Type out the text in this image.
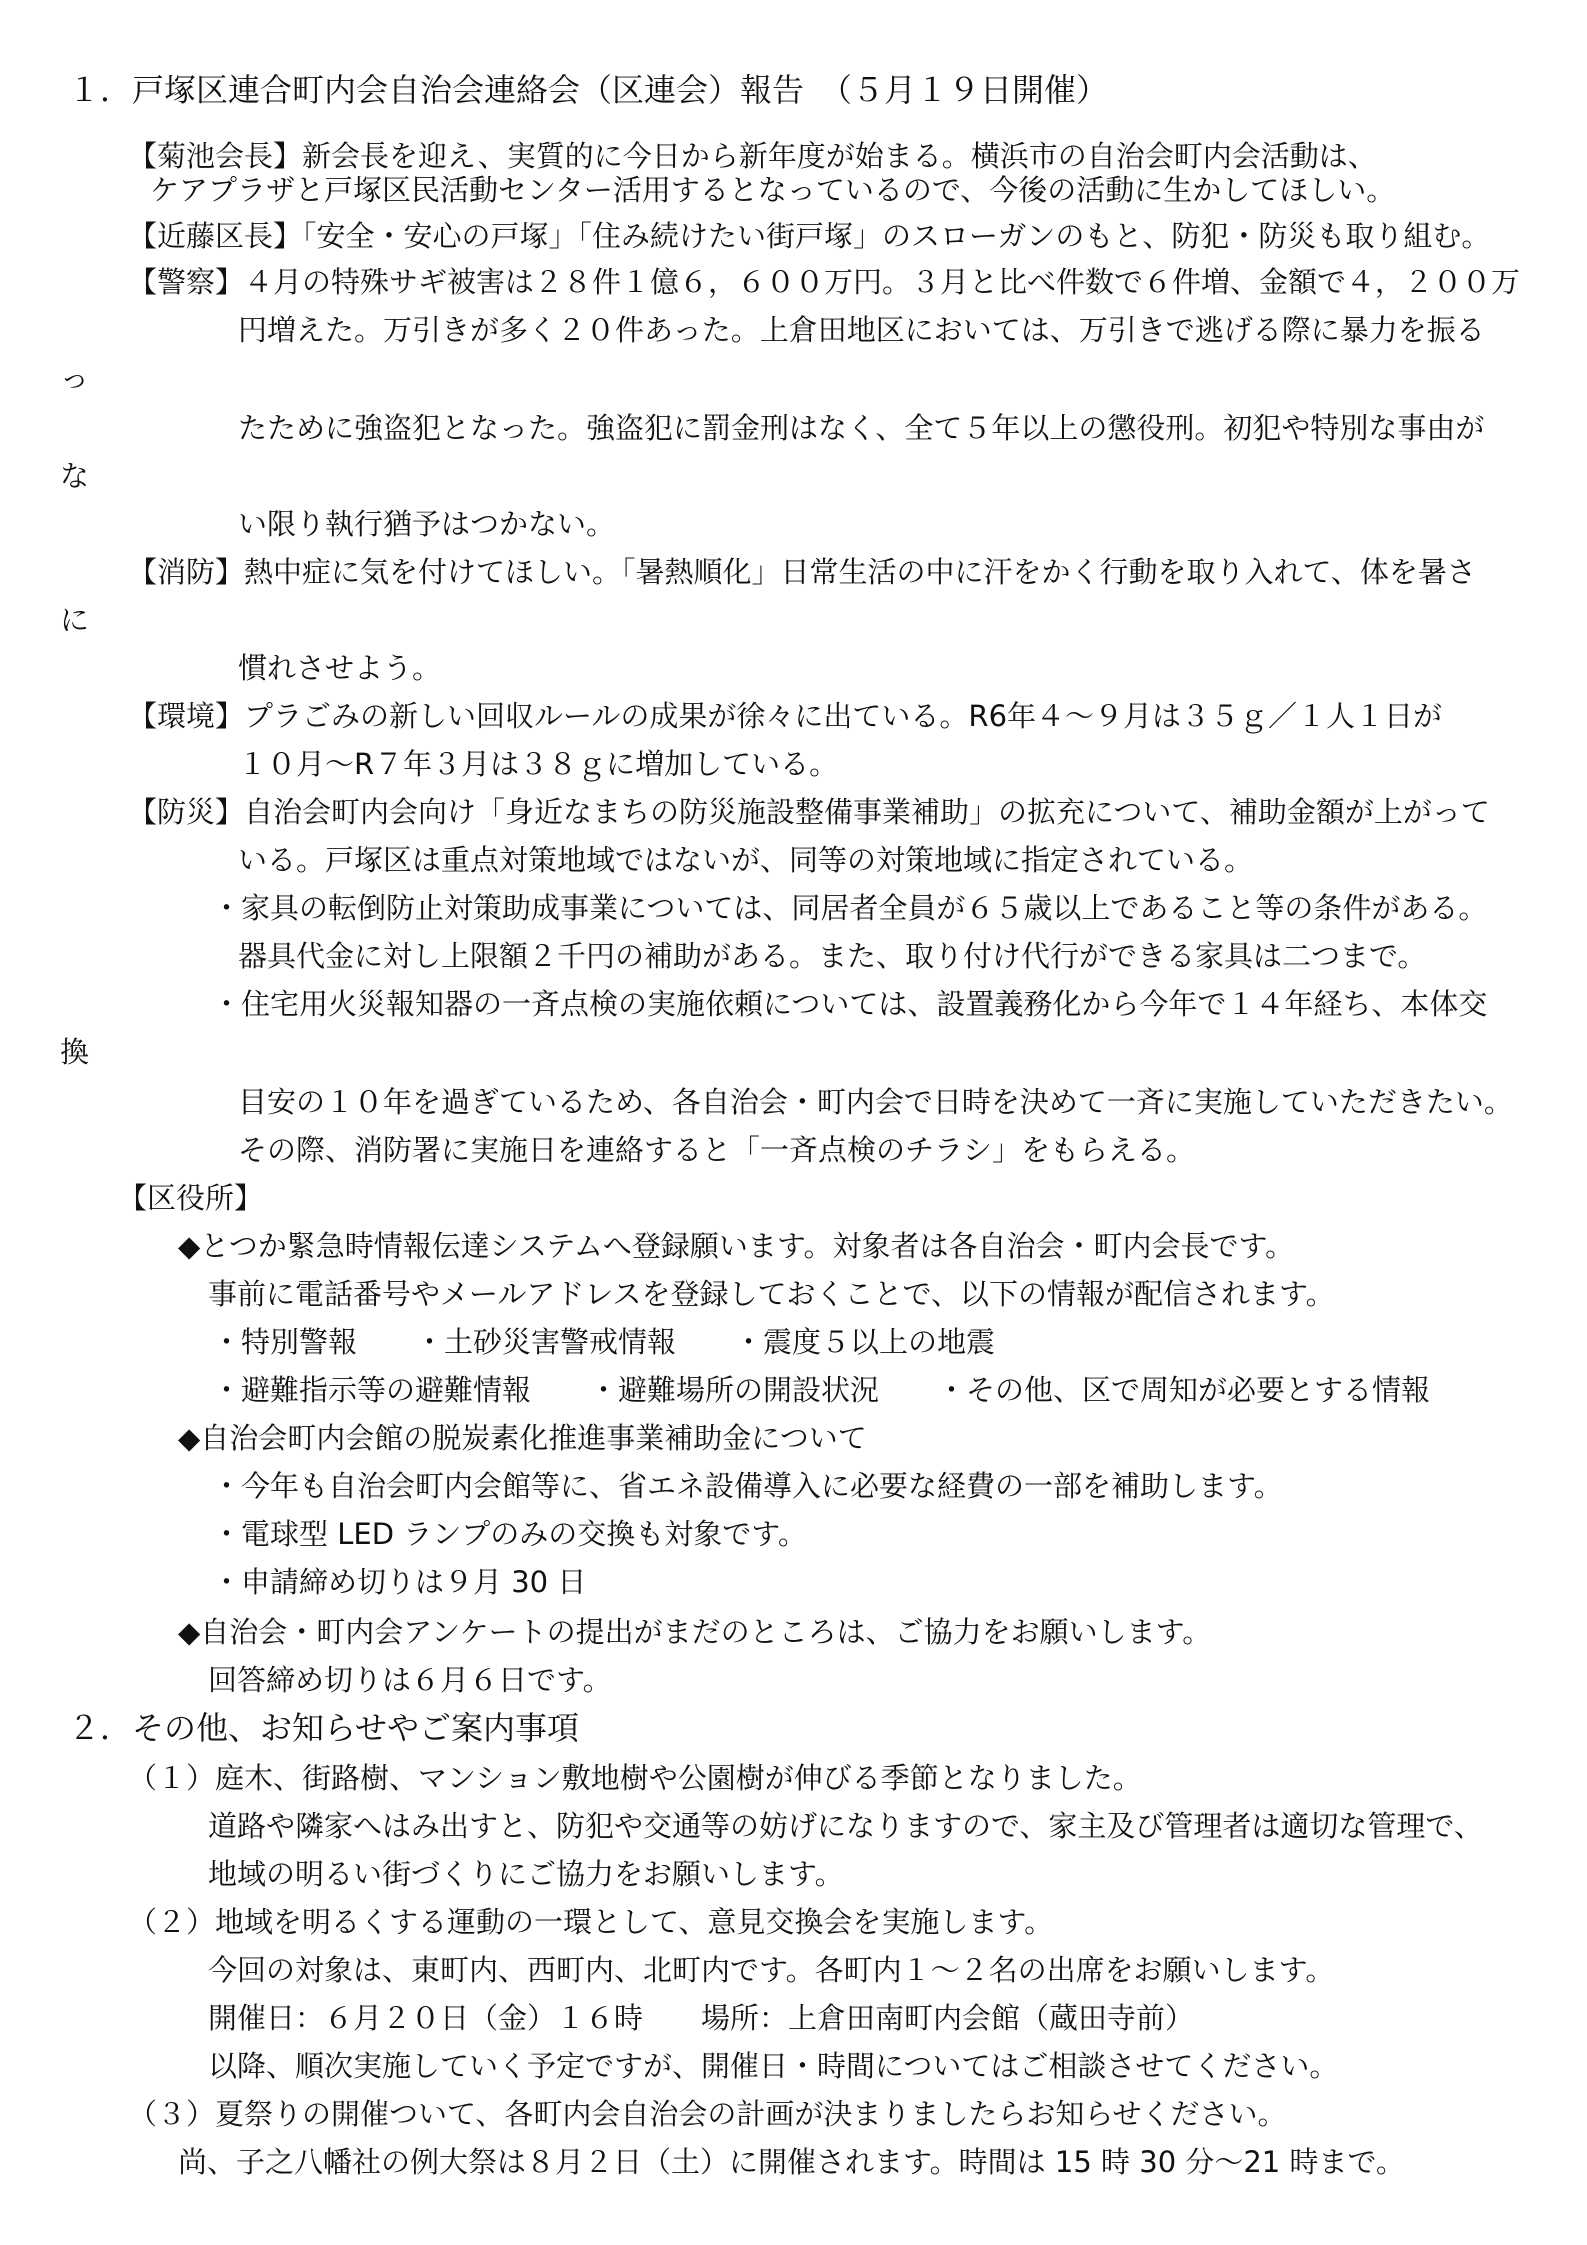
１．戸塚区連合町内会自治会連絡会（区連会）報告　（５月１９日開催）
【菊池会長】新会長を迎え、実質的に今日から新年度が始まる。横浜市の自治会町内会活動は、
ケアプラザと戸塚区民活動センター活用するとなっているので、今後の活動に生かしてほしい。
【近藤区長】「安全・安心の戸塚」「住み続けたい街戸塚」のスローガンのもと、防犯・防災も取り組む。
【警察】４月の特殊サギ被害は２８件１億６，６００万円。３月と比べ件数で６件増、金額で４，２００万
円増えた。万引きが多く２０件あった。上倉田地区においては、万引きで逃げる際に暴力を振る
っ
たために強盗犯となった。強盗犯に罰金刑はなく、全て５年以上の懲役刑。初犯や特別な事由が
な
い限り執行猶予はつかない。
【消防】熱中症に気を付けてほしい。「暑熱順化」日常生活の中に汗をかく行動を取り入れて、体を暑さ
に
慣れさせよう。
【環境】プラごみの新しい回収ルールの成果が徐々に出ている。R6年４～９月は３５ｇ／１人１日が
１０月～R７年３月は３８ｇに増加している。
【防災】自治会町内会向け「身近なまちの防災施設整備事業補助」の拡充について、補助金額が上がって
いる。戸塚区は重点対策地域ではないが、同等の対策地域に指定されている。
・家具の転倒防止対策助成事業については、同居者全員が６５歳以上であること等の条件がある。
器具代金に対し上限額２千円の補助がある。また、取り付け代行ができる家具は二つまで。
・住宅用火災報知器の一斉点検の実施依頼については、設置義務化から今年で１４年経ち、本体交
換
目安の１０年を過ぎているため、各自治会・町内会で日時を決めて一斉に実施していただきたい。
その際、消防署に実施日を連絡すると「一斉点検のチラシ」をもらえる。
【区役所】
◆とつか緊急時情報伝達システムへ登録願います。対象者は各自治会・町内会長です。
事前に電話番号やメールアドレスを登録しておくことで、以下の情報が配信されます。
・特別警報　　・土砂災害警戒情報　　・震度５以上の地震
・避難指示等の避難情報　　・避難場所の開設状況　　・その他、区で周知が必要とする情報
◆自治会町内会館の脱炭素化推進事業補助金について
・今年も自治会町内会館等に、省エネ設備導入に必要な経費の一部を補助します。
・電球型 LED ランプのみの交換も対象です。
・申請締め切りは９月 30 日
◆自治会・町内会アンケートの提出がまだのところは、ご協力をお願いします。
回答締め切りは６月６日です。
２．その他、お知らせやご案内事項
（１）庭木、街路樹、マンション敷地樹や公園樹が伸びる季節となりました。
道路や隣家へはみ出すと、防犯や交通等の妨げになりますので、家主及び管理者は適切な管理で、
地域の明るい街づくりにご協力をお願いします。
（２）地域を明るくする運動の一環として、意見交換会を実施します。
今回の対象は、東町内、西町内、北町内です。各町内１～２名の出席をお願いします。
開催日：６月２０日（金）１６時　　場所：上倉田南町内会館（蔵田寺前）
以降、順次実施していく予定ですが、開催日・時間についてはご相談させてください。
（３）夏祭りの開催ついて、各町内会自治会の計画が決まりましたらお知らせください。
尚、子之八幡社の例大祭は８月２日（土）に開催されます。時間は 15 時 30 分～21 時まで。
